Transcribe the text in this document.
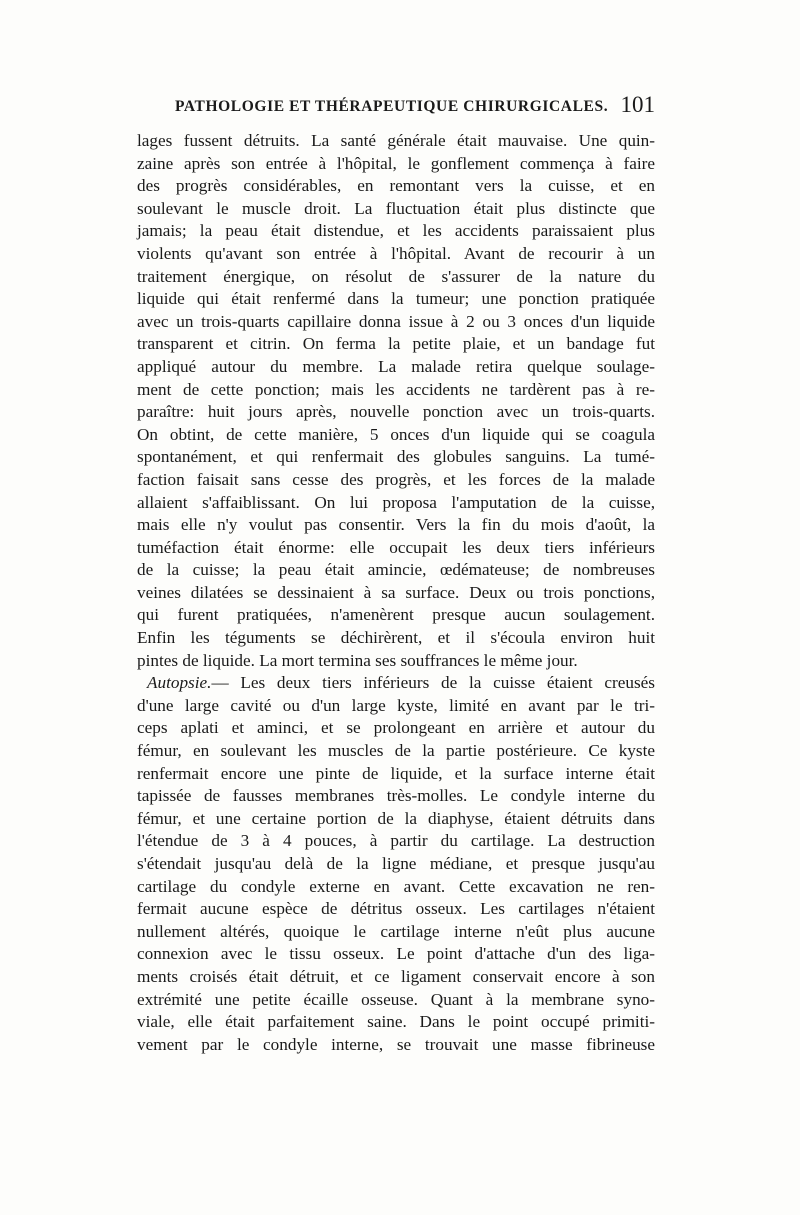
PATHOLOGIE ET THÉRAPEUTIQUE CHIRURGICALES. 101
lages fussent détruits. La santé générale était mauvaise. Une quin-
zaine après son entrée à l'hôpital, le gonflement commença à faire
des progrès considérables, en remontant vers la cuisse, et en
soulevant le muscle droit. La fluctuation était plus distincte que
jamais; la peau était distendue, et les accidents paraissaient plus
violents qu'avant son entrée à l'hôpital. Avant de recourir à un
traitement énergique, on résolut de s'assurer de la nature du
liquide qui était renfermé dans la tumeur; une ponction pratiquée
avec un trois-quarts capillaire donna issue à 2 ou 3 onces d'un liquide
transparent et citrin. On ferma la petite plaie, et un bandage fut
appliqué autour du membre. La malade retira quelque soulage-
ment de cette ponction; mais les accidents ne tardèrent pas à re-
paraître: huit jours après, nouvelle ponction avec un trois-quarts.
On obtint, de cette manière, 5 onces d'un liquide qui se coagula
spontanément, et qui renfermait des globules sanguins. La tumé-
faction faisait sans cesse des progrès, et les forces de la malade
allaient s'affaiblissant. On lui proposa l'amputation de la cuisse,
mais elle n'y voulut pas consentir. Vers la fin du mois d'août, la
tuméfaction était énorme: elle occupait les deux tiers inférieurs
de la cuisse; la peau était amincie, œdémateuse; de nombreuses
veines dilatées se dessinaient à sa surface. Deux ou trois ponctions,
qui furent pratiquées, n'amenèrent presque aucun soulagement.
Enfin les téguments se déchirèrent, et il s'écoula environ huit
pintes de liquide. La mort termina ses souffrances le même jour.
Autopsie.— Les deux tiers inférieurs de la cuisse étaient creusés
d'une large cavité ou d'un large kyste, limité en avant par le tri-
ceps aplati et aminci, et se prolongeant en arrière et autour du
fémur, en soulevant les muscles de la partie postérieure. Ce kyste
renfermait encore une pinte de liquide, et la surface interne était
tapissée de fausses membranes très-molles. Le condyle interne du
fémur, et une certaine portion de la diaphyse, étaient détruits dans
l'étendue de 3 à 4 pouces, à partir du cartilage. La destruction
s'étendait jusqu'au delà de la ligne médiane, et presque jusqu'au
cartilage du condyle externe en avant. Cette excavation ne ren-
fermait aucune espèce de détritus osseux. Les cartilages n'étaient
nullement altérés, quoique le cartilage interne n'eût plus aucune
connexion avec le tissu osseux. Le point d'attache d'un des liga-
ments croisés était détruit, et ce ligament conservait encore à son
extrémité une petite écaille osseuse. Quant à la membrane syno-
viale, elle était parfaitement saine. Dans le point occupé primiti-
vement par le condyle interne, se trouvait une masse fibrineuse
